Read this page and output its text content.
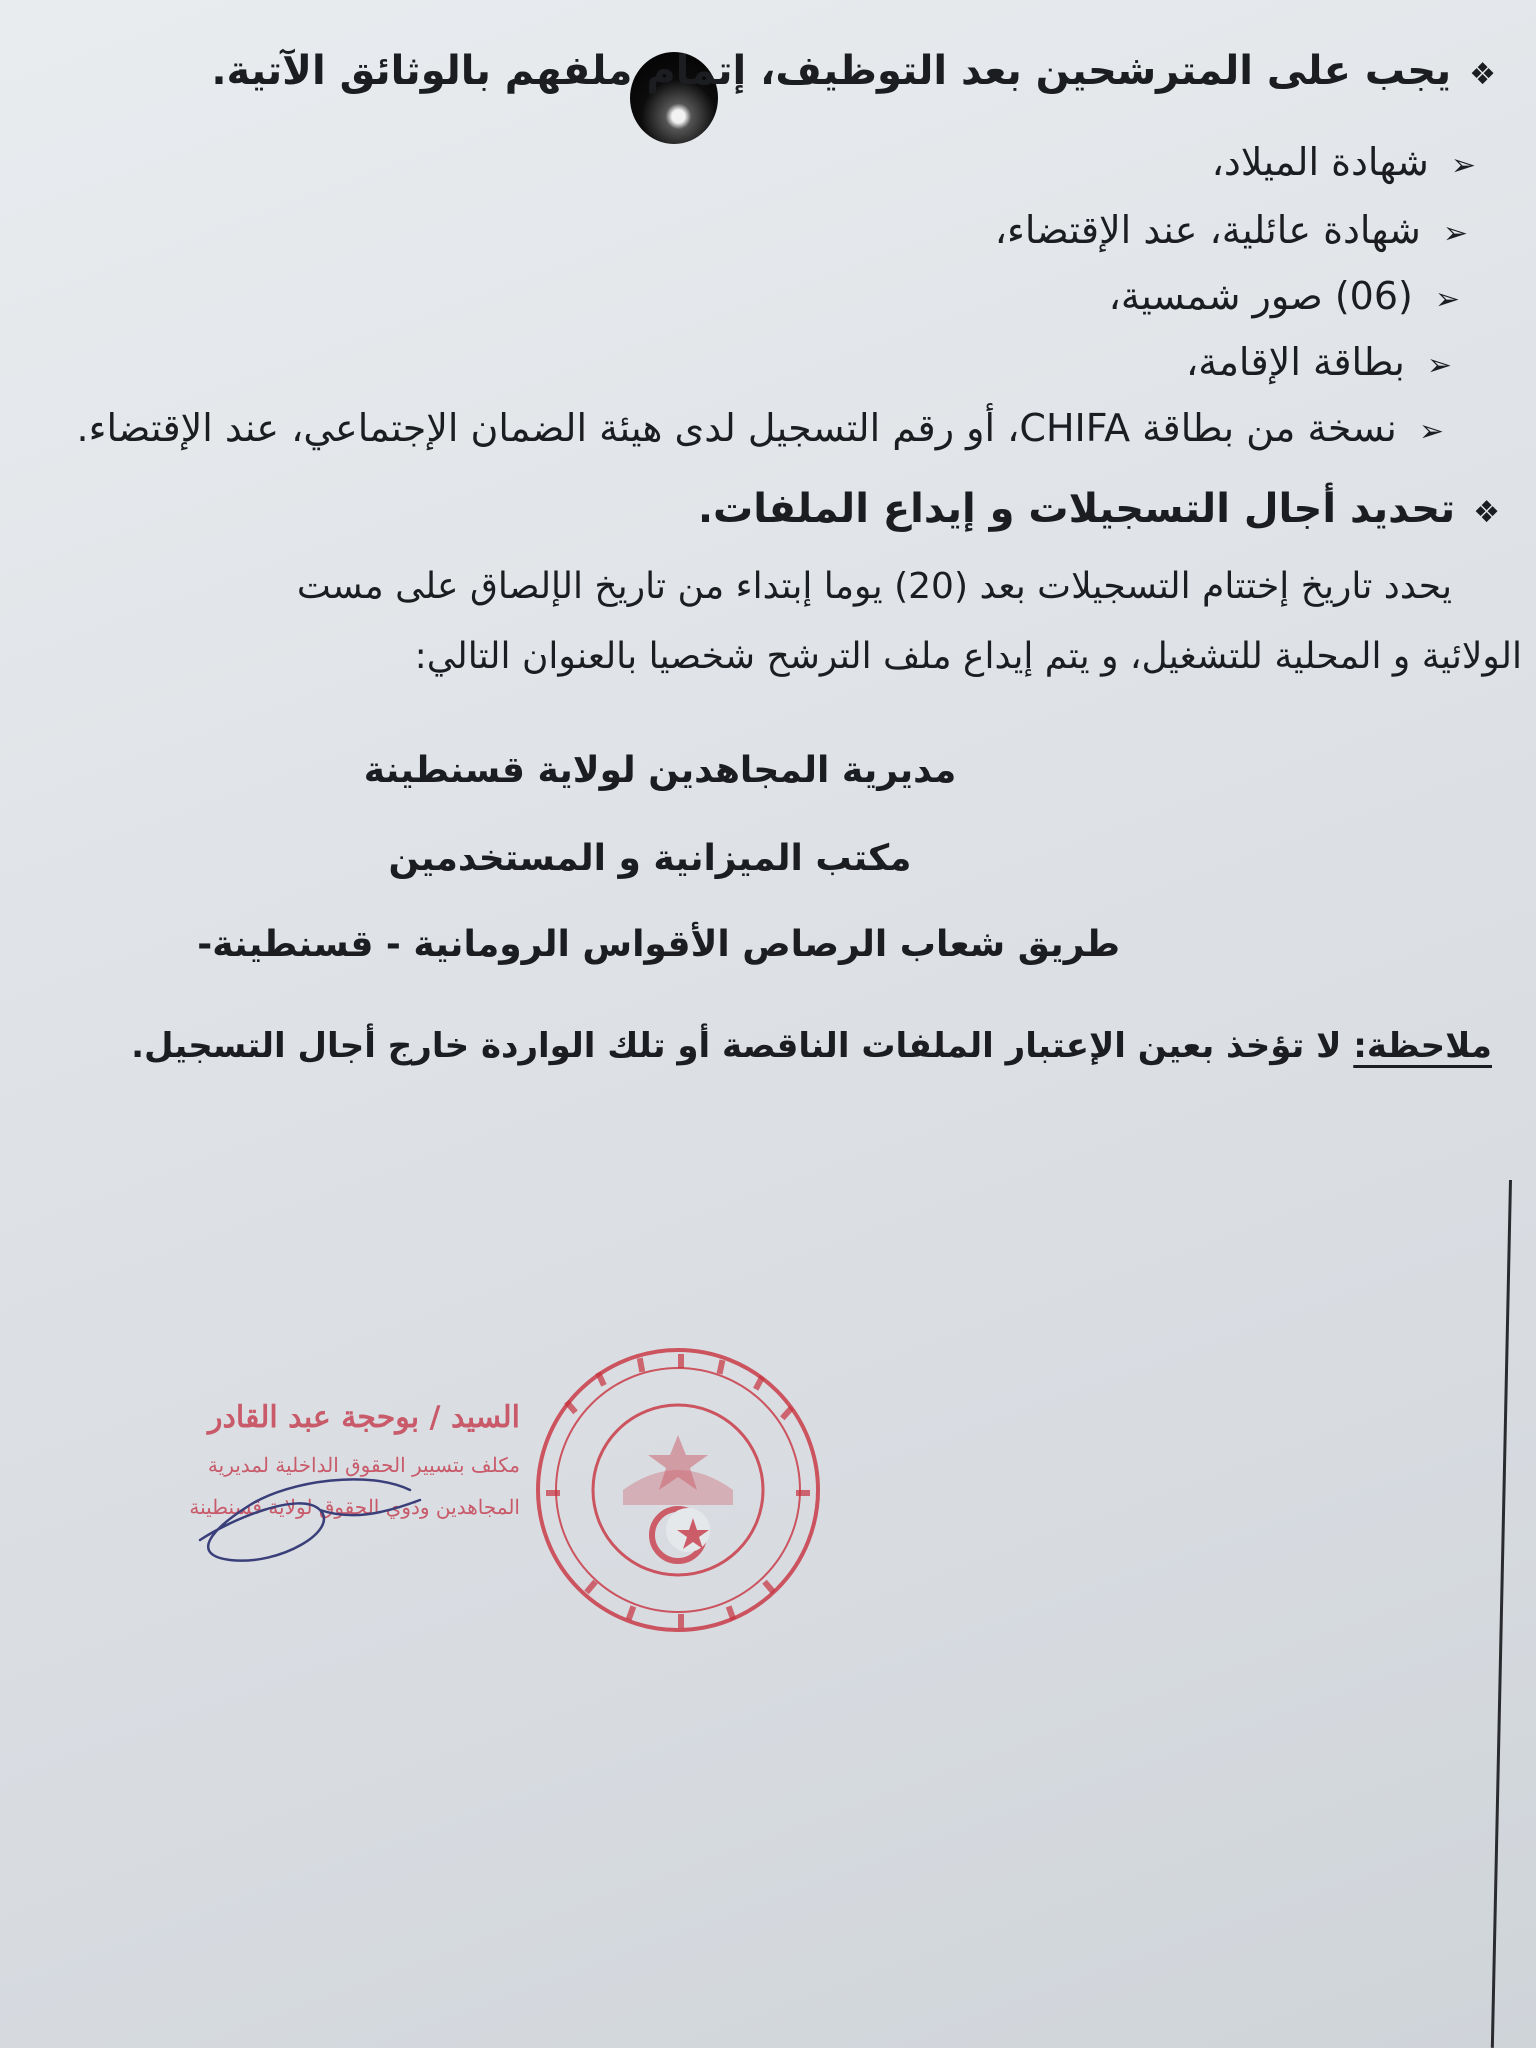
❖يجب على المترشحين بعد التوظيف، إتمام ملفهم بالوثائق الآتية.
➢شهادة الميلاد،
➢شهادة عائلية، عند الإقتضاء،
➢(06) صور شمسية،
➢بطاقة الإقامة،
➢نسخة من بطاقة CHIFA، أو رقم التسجيل لدى هيئة الضمان الإجتماعي، عند الإقتضاء.
❖تحديد أجال التسجيلات و إيداع الملفات.
يحدد تاريخ إختتام التسجيلات بعد (20) يوما إبتداء من تاريخ الإلصاق على مست
الولائية و المحلية للتشغيل، و يتم إيداع ملف الترشح شخصيا بالعنوان التالي:
مديرية المجاهدين لولاية قسنطينة
مكتب الميزانية و المستخدمين
طريق شعاب الرصاص الأقواس الرومانية - قسنطينة-
ملاحظة: لا تؤخذ بعين الإعتبار الملفات الناقصة أو تلك الواردة خارج أجال التسجيل.
السيد / بوحجة عبد القادر
مكلف بتسيير الحقوق الداخلية لمديرية
المجاهدين وذوي الحقوق لولاية قسنطينة
